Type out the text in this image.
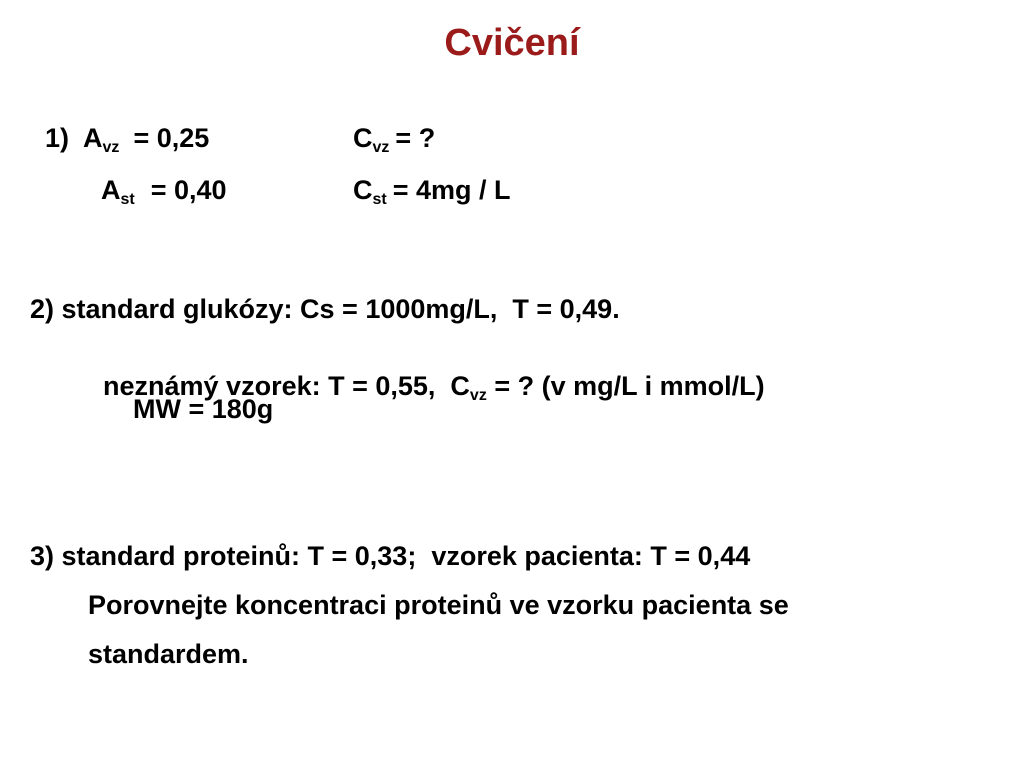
Cvičení

1) $A_{vz} = 0,25$	$C_{vz}$ = ?

$A_{st} = 0,40$	$C_{st} = 4mg / L$

2) standard glukózy: Cs = 1000mg/L,  T = 0,49.

neznámý vzorek: T = 0,55,  $C_{vz}$ = ? (v mg/L i mmol/L)

MW = 180g
3) standard proteinů: T = 0,33;  vzorek pacienta: T = 0,44
Porovnejte koncentraci proteinů ve vzorku pacienta se
standardem.
